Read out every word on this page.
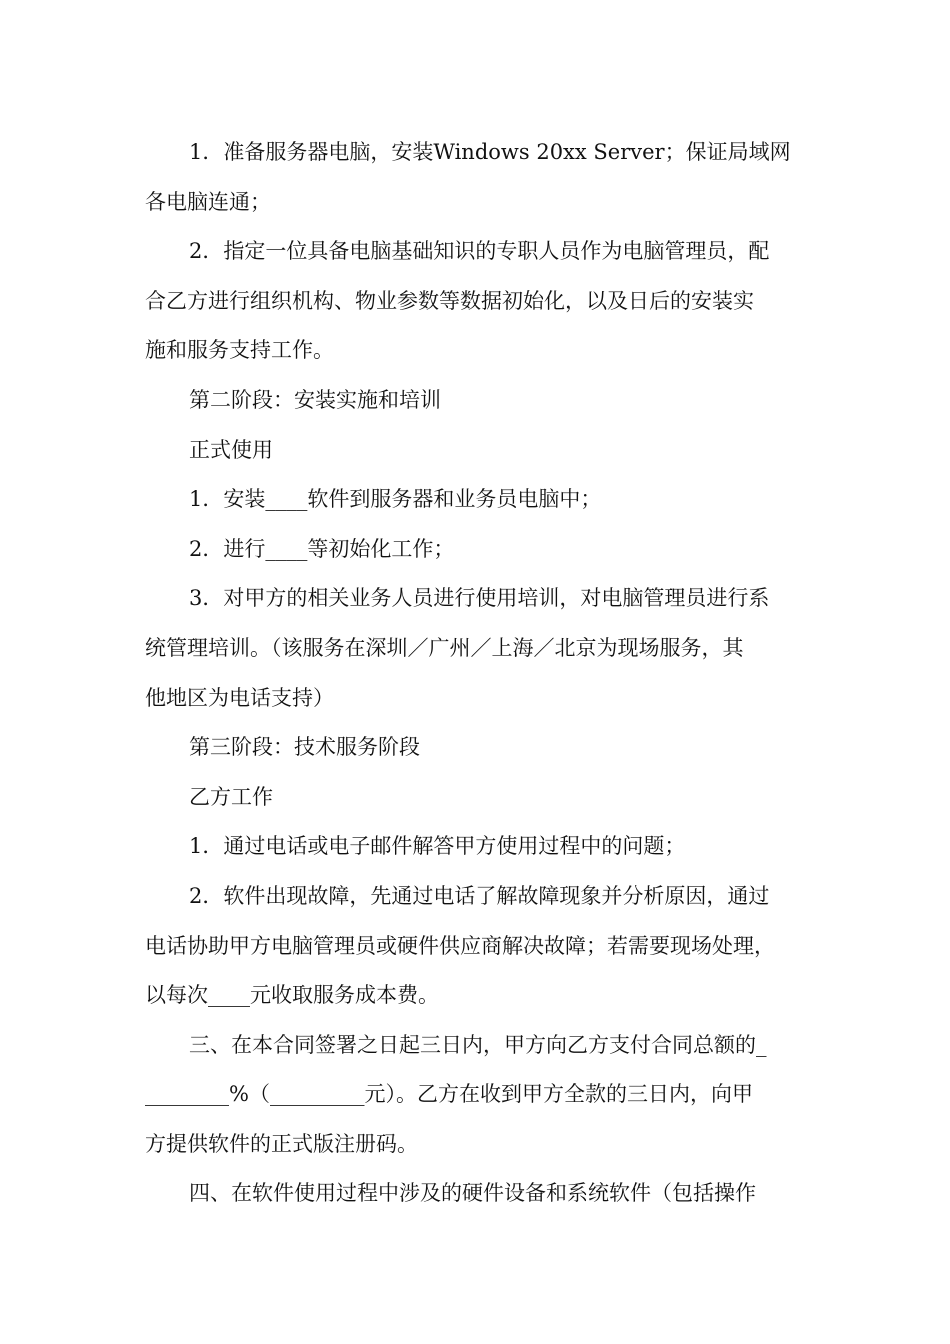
1．准备服务器电脑，安装Windows 20xx Server；保证局域网
各电脑连通；
2．指定一位具备电脑基础知识的专职人员作为电脑管理员，配
合乙方进行组织机构、物业参数等数据初始化，以及日后的安装实
施和服务支持工作。
第二阶段：安装实施和培训
正式使用
1．安装____软件到服务器和业务员电脑中；
2．进行____等初始化工作；
3．对甲方的相关业务人员进行使用培训，对电脑管理员进行系
统管理培训。（该服务在深圳／广州／上海／北京为现场服务，其
他地区为电话支持）
第三阶段：技术服务阶段
乙方工作
1．通过电话或电子邮件解答甲方使用过程中的问题；
2．软件出现故障，先通过电话了解故障现象并分析原因，通过
电话协助甲方电脑管理员或硬件供应商解决故障；若需要现场处理，
以每次____元收取服务成本费。
三、在本合同签署之日起三日内，甲方向乙方支付合同总额的_
________%（_________元）。乙方在收到甲方全款的三日内，向甲
方提供软件的正式版注册码。
四、在软件使用过程中涉及的硬件设备和系统软件（包括操作
